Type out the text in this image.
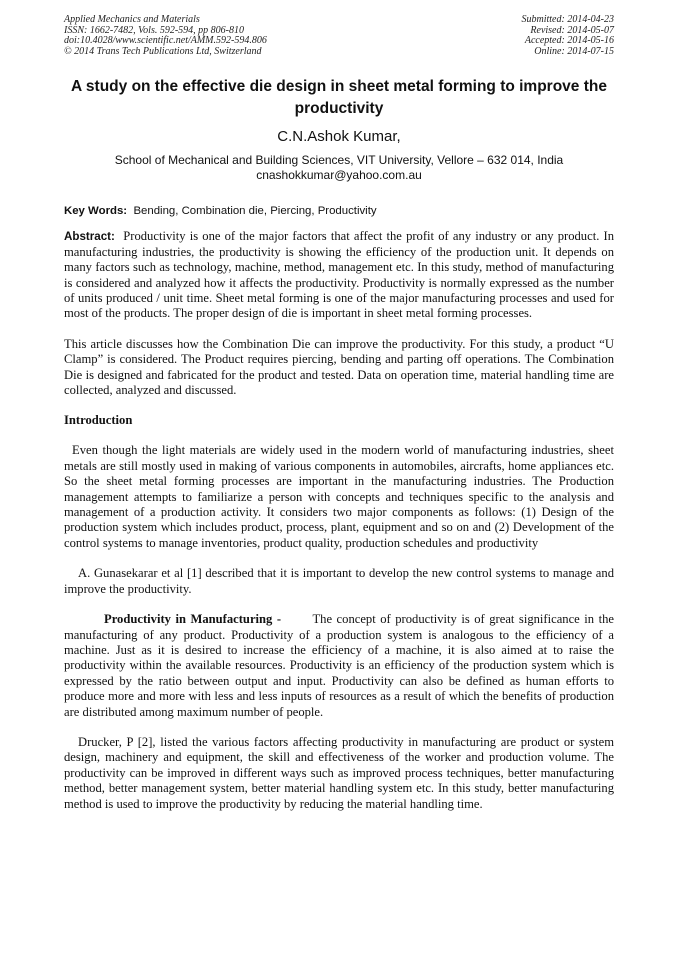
Applied Mechanics and Materials
ISSN: 1662-7482, Vols. 592-594, pp 806-810
doi:10.4028/www.scientific.net/AMM.592-594.806
© 2014 Trans Tech Publications Ltd, Switzerland
Submitted: 2014-04-23
Revised: 2014-05-07
Accepted: 2014-05-16
Online: 2014-07-15
A study on the effective die design in sheet metal forming to improve the productivity
C.N.Ashok Kumar,
School of Mechanical and Building Sciences, VIT University, Vellore – 632 014, India
cnashokkumar@yahoo.com.au
Key Words: Bending, Combination die, Piercing, Productivity

Abstract: Productivity is one of the major factors that affect the profit of any industry or any product. In manufacturing industries, the productivity is showing the efficiency of the production unit. It depends on many factors such as technology, machine, method, management etc. In this study, method of manufacturing is considered and analyzed how it affects the productivity. Productivity is normally expressed as the number of units produced / unit time. Sheet metal forming is one of the major manufacturing processes and used for most of the products. The proper design of die is important in sheet metal forming processes.

This article discusses how the Combination Die can improve the productivity. For this study, a product “U Clamp” is considered. The Product requires piercing, bending and parting off operations. The Combination Die is designed and fabricated for the product and tested. Data on operation time, material handling time are collected, analyzed and discussed.

Introduction

Even though the light materials are widely used in the modern world of manufacturing industries, sheet metals are still mostly used in making of various components in automobiles, aircrafts, home appliances etc. So the sheet metal forming processes are important in the manufacturing industries. The Production management attempts to familiarize a person with concepts and techniques specific to the analysis and management of a production activity. It considers two major components as follows: (1) Design of the production system which includes product, process, plant, equipment and so on and (2) Development of the control systems to manage inventories, product quality, production schedules and productivity

A. Gunasekarar et al [1] described that it is important to develop the new control systems to manage and improve the productivity.

Productivity in Manufacturing - The concept of productivity is of great significance in the manufacturing of any product. Productivity of a production system is analogous to the efficiency of a machine. Just as it is desired to increase the efficiency of a machine, it is also aimed at to raise the productivity within the available resources. Productivity is an efficiency of the production system which is expressed by the ratio between output and input. Productivity can also be defined as human efforts to produce more and more with less and less inputs of resources as a result of which the benefits of production are distributed among maximum number of people.

Drucker, P [2], listed the various factors affecting productivity in manufacturing are product or system design, machinery and equipment, the skill and effectiveness of the worker and production volume. The productivity can be improved in different ways such as improved process techniques, better manufacturing method, better management system, better material handling system etc. In this study, better manufacturing method is used to improve the productivity by reducing the material handling time.
